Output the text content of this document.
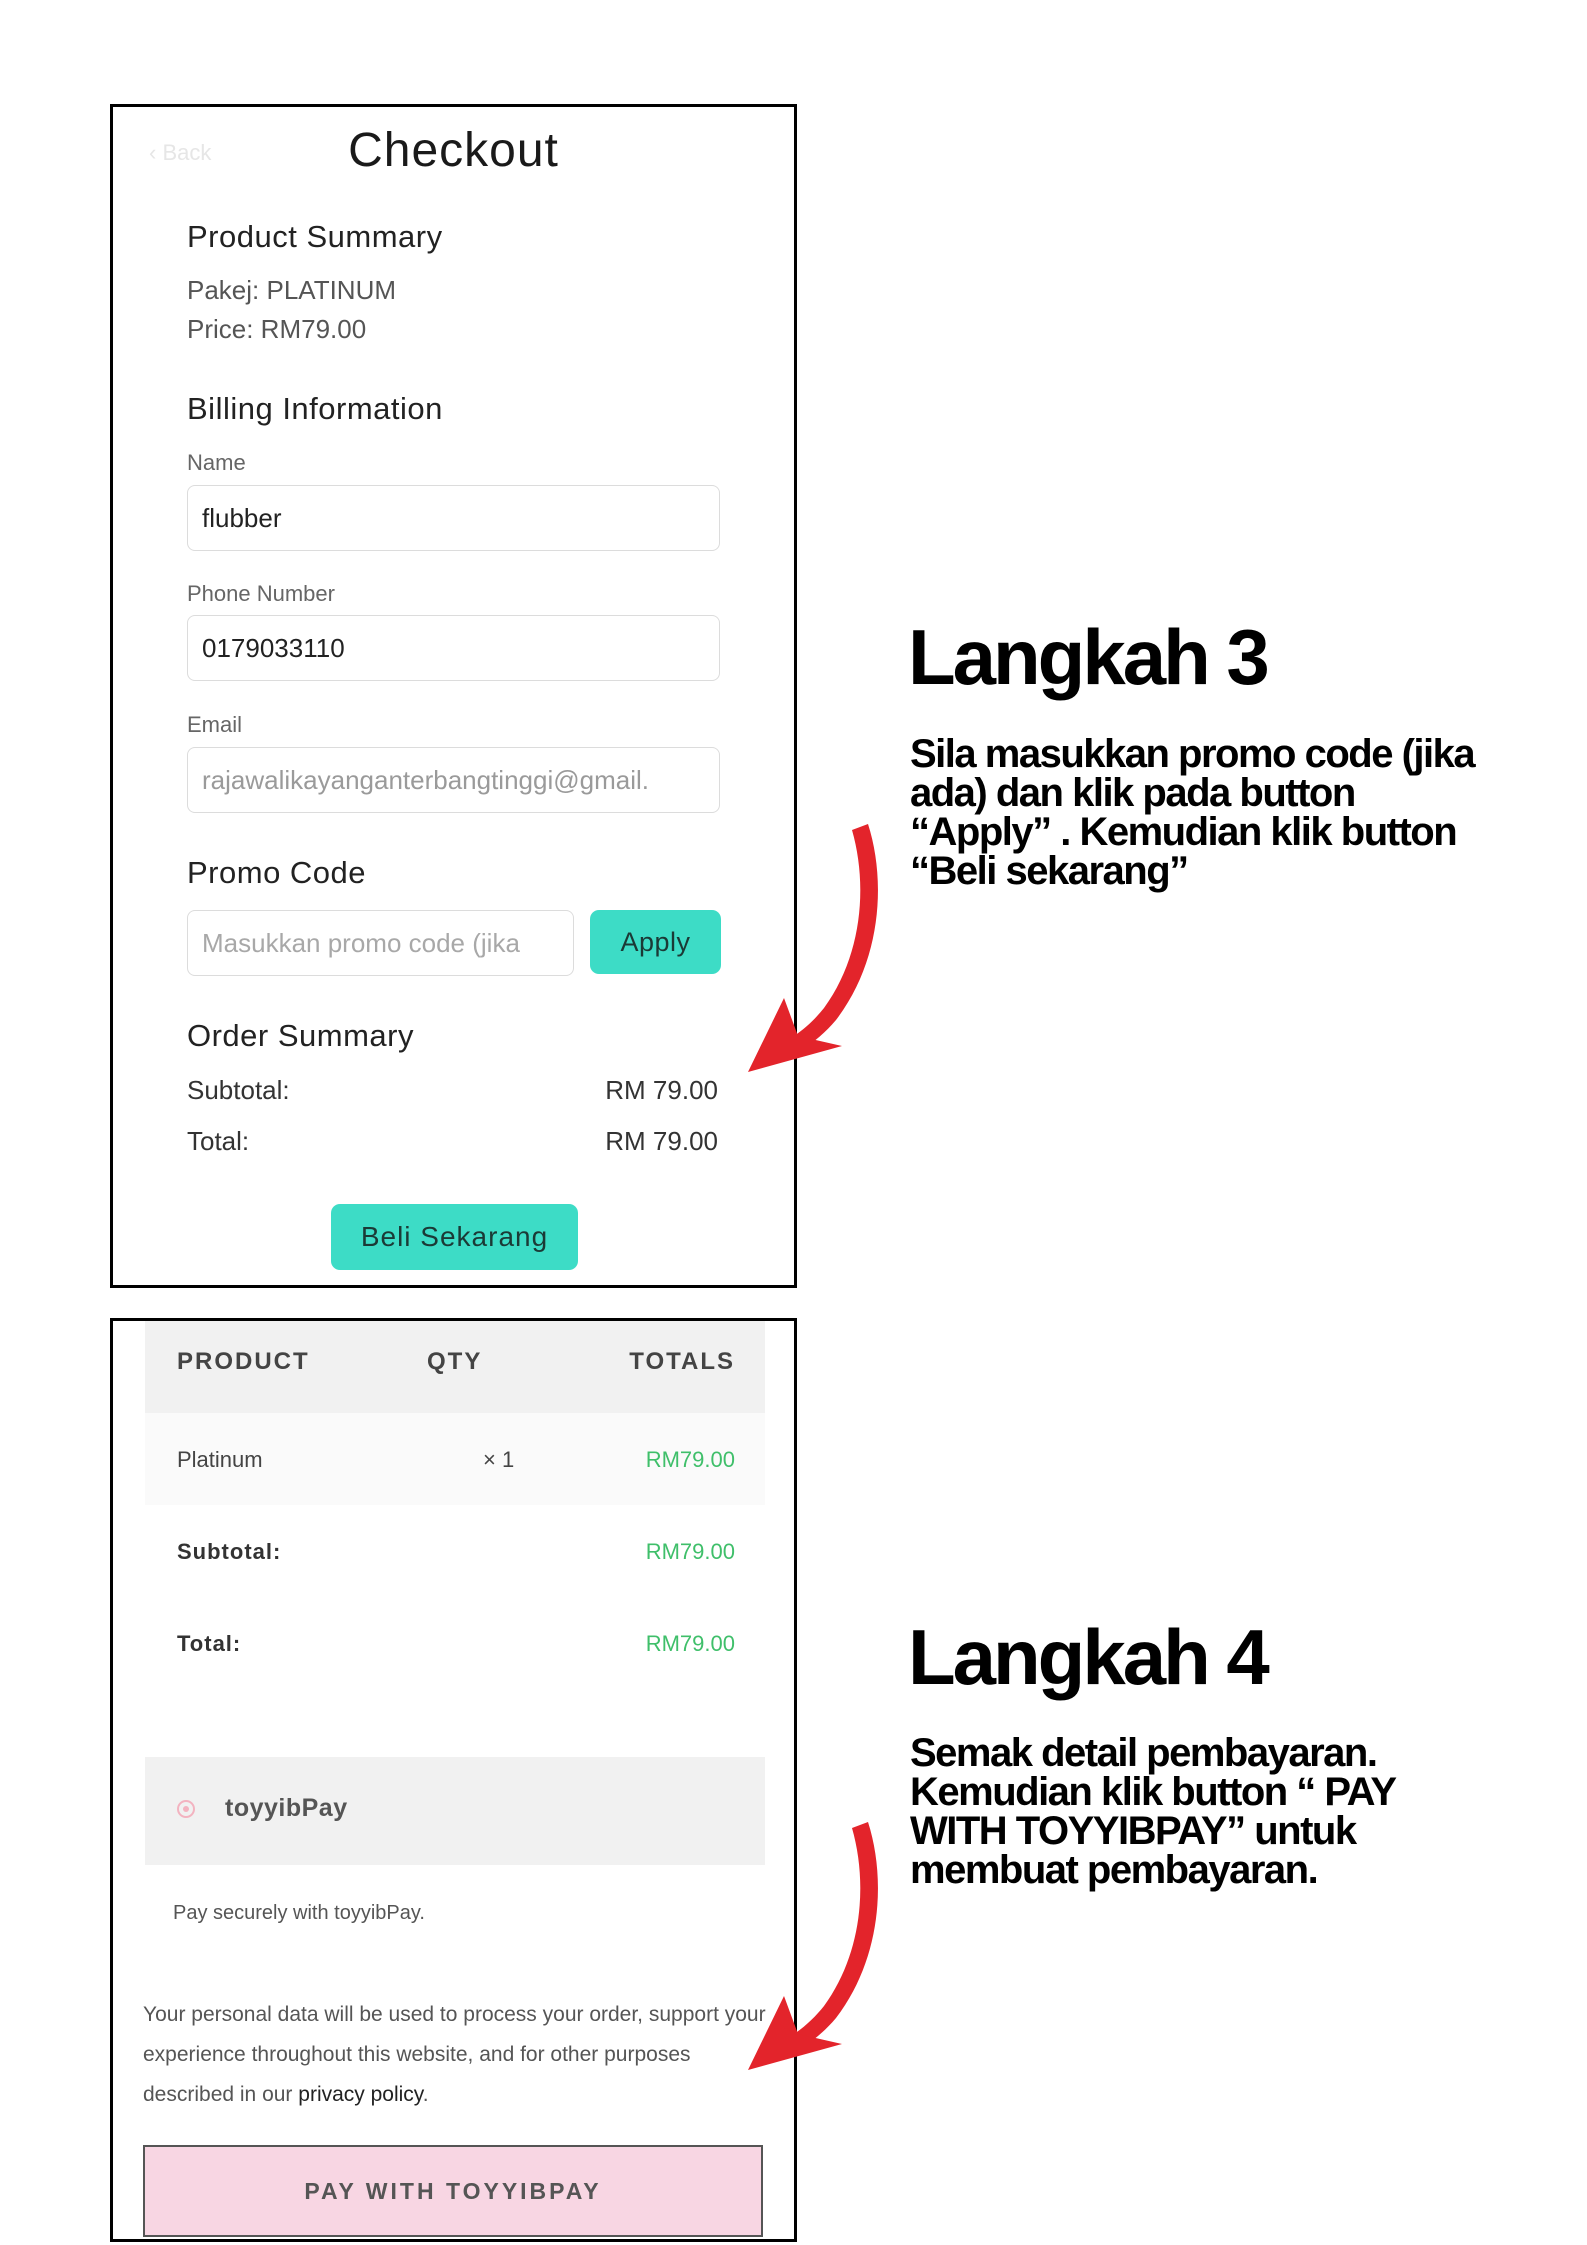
‹ Back	Checkout
Product Summary
Pakej: PLATINUM
Price: RM79.00
Billing Information
Name
flubber
Phone Number
0179033110
Email
rajawalikayanganterbangtinggi@gmail.
Promo Code
Masukkan promo code (jika
Apply
Order Summary
Subtotal:	RM 79.00
Total:	RM 79.00
Beli Sekarang
PRODUCT	QTY	TOTALS
Platinum	× 1	RM79.00
Subtotal:	RM79.00
Total:	RM79.00
toyyibPay
Pay securely with toyyibPay.
Your personal data will be used to process your order, support your experience throughout this website, and for other purposes described in our privacy policy.
PAY WITH TOYYIBPAY
Langkah 3
Sila masukkan promo code (jika
ada) dan klik pada button
“Apply” . Kemudian klik button
“Beli sekarang”
Langkah 4
Semak detail pembayaran.
Kemudian klik button “ PAY
WITH TOYYIBPAY” untuk
membuat pembayaran.
